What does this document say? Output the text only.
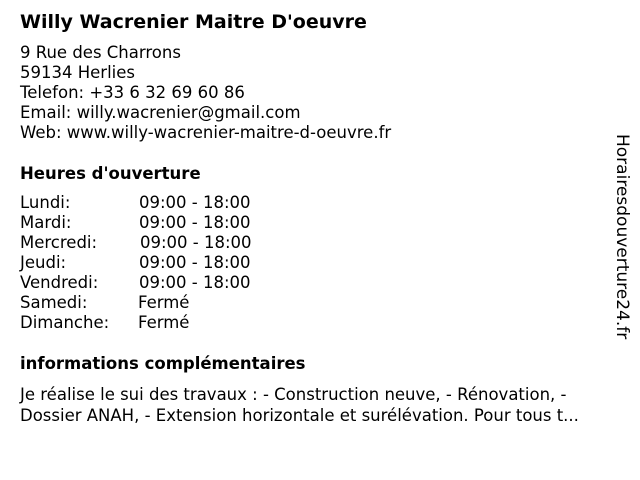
Willy Wacrenier Maitre D'oeuvre
9 Rue des Charrons
59134 Herlies
Telefon: +33 6 32 69 60 86
Email: willy.wacrenier@gmail.com
Web: www.willy-wacrenier-maitre-d-oeuvre.fr
Heures d'ouverture
Lundi:	09:00 - 18:00
Mardi:	09:00 - 18:00
Mercredi:	09:00 - 18:00
Jeudi:	09:00 - 18:00
Vendredi: 09:00 - 18:00
Samedi:	Fermé
Dimanche: Fermé
informations complémentaires
Je réalise le sui des travaux : - Construction neuve, - Rénovation, -
Dossier ANAH, - Extension horizontale et surélévation. Pour tous t...
Horairesdouverture24.fr
